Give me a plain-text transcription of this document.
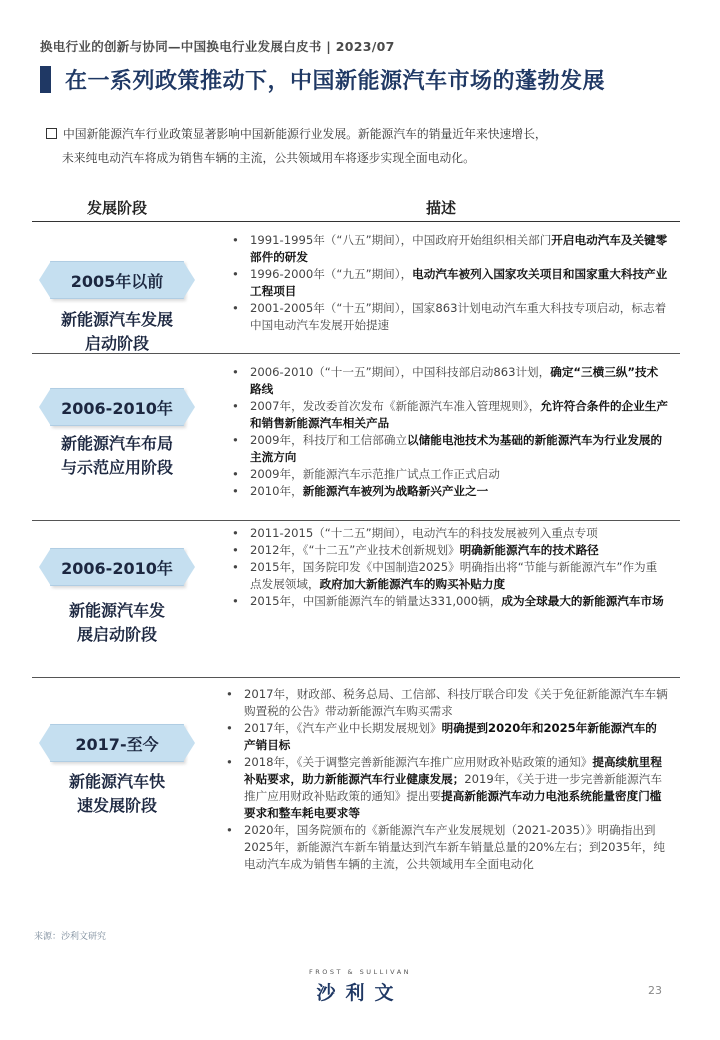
换电行业的创新与协同—中国换电行业发展白皮书 | 2023/07
在一系列政策推动下，中国新能源汽车市场的蓬勃发展
中国新能源汽车行业政策显著影响中国新能源行业发展。新能源汽车的销量近年来快速增长，
未来纯电动汽车将成为销售车辆的主流，公共领域用车将逐步实现全面电动化。
发展阶段	描述
2005年以前
新能源汽车发展
启动阶段
• 1991-1995年（“八五”期间），中国政府开始组织相关部门开启电动汽车及关键零部件的研发
• 1996-2000年（“九五”期间），电动汽车被列入国家攻关项目和国家重大科技产业工程项目
• 2001-2005年（“十五”期间），国家863计划电动汽车重大科技专项启动，标志着中国电动汽车发展开始提速
2006-2010年
新能源汽车布局
与示范应用阶段
• 2006-2010（“十一五”期间），中国科技部启动863计划，确定“三横三纵”技术路线
• 2007年，发改委首次发布《新能源汽车准入管理规则》，允许符合条件的企业生产和销售新能源汽车相关产品
• 2009年，科技厅和工信部确立以储能电池技术为基础的新能源汽车为行业发展的主流方向
• 2009年，新能源汽车示范推广试点工作正式启动
• 2010年，新能源汽车被列为战略新兴产业之一
2006-2010年
新能源汽车发
展启动阶段
• 2011-2015（“十二五”期间），电动汽车的科技发展被列入重点专项
• 2012年，《“十二五”产业技术创新规划》明确新能源汽车的技术路径
• 2015年，国务院印发《中国制造2025》明确指出将“节能与新能源汽车”作为重点发展领域，政府加大新能源汽车的购买补贴力度
• 2015年，中国新能源汽车的销量达331,000辆，成为全球最大的新能源汽车市场
2017-至今
新能源汽车快
速发展阶段
• 2017年，财政部、税务总局、工信部、科技厅联合印发《关于免征新能源汽车车辆购置税的公告》带动新能源汽车购买需求
• 2017年，《汽车产业中长期发展规划》明确提到2020年和2025年新能源汽车的产销目标
• 2018年，《关于调整完善新能源汽车推广应用财政补贴政策的通知》提高续航里程补贴要求，助力新能源汽车行业健康发展；2019年，《关于进一步完善新能源汽车推广应用财政补贴政策的通知》提出要提高新能源汽车动力电池系统能量密度门槛要求和整车耗电要求等
• 2020年，国务院颁布的《新能源汽车产业发展规划（2021-2035）》明确指出到2025年，新能源汽车新车销量达到汽车新车销量总量的20%左右；到2035年，纯电动汽车成为销售车辆的主流，公共领域用车全面电动化
来源：沙利文研究
FROST & SULLIVAN
沙利文	23
